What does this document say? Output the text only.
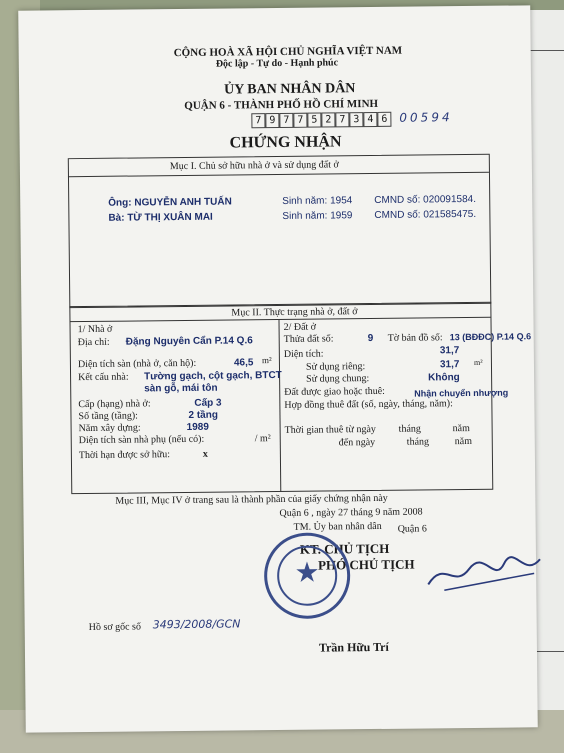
CỘNG HOÀ XÃ HỘI CHỦ NGHĨA VIỆT NAM
Độc lập - Tự do - Hạnh phúc
ỦY BAN NHÂN DÂN
QUẬN 6 - THÀNH PHỐ HỒ CHÍ MINH
7 9 7 7 5 2 7 3 4 6 00594
CHỨNG NHẬN
Mục I. Chủ sở hữu nhà ở và sử dụng đất ở
Ông: NGUYỄN ANH TUẤN	Sinh năm: 1954 CMND số: 020091584.
Bà: TỪ THỊ XUÂN MAI	Sinh năm: 1959 CMND số: 021585475.
Mục II. Thực trạng nhà ở, đất ở
1/ Nhà ở
Địa chỉ: Đặng Nguyên Cẩn P.14 Q.6
Diện tích sàn (nhà ở, căn hộ):	46,5 m²
Kết cấu nhà: Tường gạch, cột gạch, BTCT
sàn gỗ, mái tôn
Cấp (hạng) nhà ở:	Cấp 3
Số tầng (tầng):	2 tầng
Năm xây dựng:	1989
Diện tích sàn nhà phụ (nếu có):	/ m²
Thời hạn được sở hữu:	x
2/ Đất ở
Thửa đất số:	9 Tờ bản đồ số: 13 (BĐĐC) P.14 Q.6
Diện tích:	31,7
Sử dụng riêng:	31,7 m²
Sử dụng chung:	Không
Đất được giao hoặc thuê:	Nhận chuyển nhượng
Hợp đồng thuê đất (số, ngày, tháng, năm):
Thời gian thuê từ ngày tháng	năm
đến ngày	tháng	năm
Mục III, Mục IV ở trang sau là thành phần của giấy chứng nhận này
Quận 6 , ngày 27 tháng 9 năm 2008
TM. Ủy ban nhân dân Quận 6
KT. CHỦ TỊCH
PHÓ CHỦ TỊCH
★
Hồ sơ gốc số 3493/2008/GCN
Trần Hữu Trí
